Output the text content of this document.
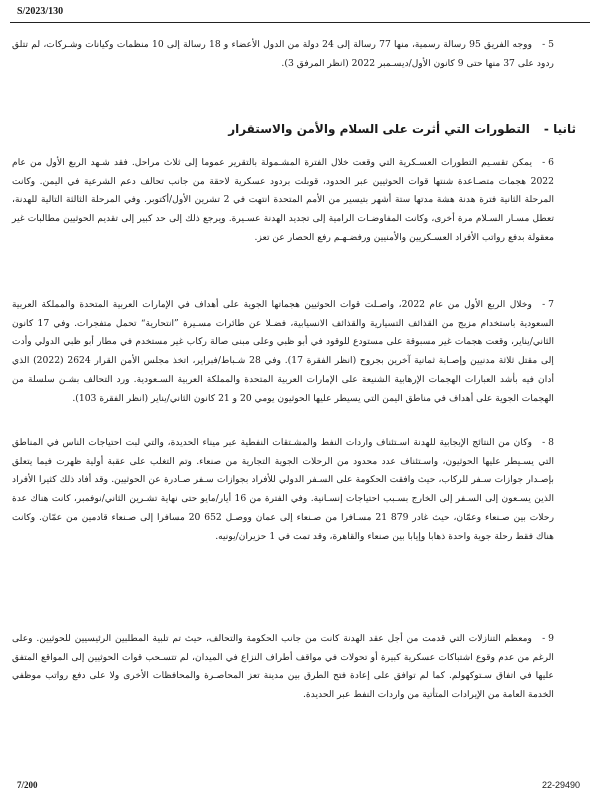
S/2023/130

5 -ووجه الفريق 95 رسالة رسمية، منها 77 رسالة إلى 24 دولة من الدول الأعضاء و 18 رسالة إلى 10 منظمات وكيانات وشـركات، لم تتلق ردود على 37 منها حتى 9 كانون الأول/ديسـمبر 2022 (انظر المرفق 3).

ثانيا -التطورات التي أثرت على السلام والأمن والاستقرار

6 -يمكن تقسـيم التطورات العسـكرية التي وقعت خلال الفترة المشـمولة بالتقرير عموما إلى ثلاث مراحل. فقد شـهد الربع الأول من عام 2022 هجمات متصـاعدة شنتها قوات الحوثيين عبر الحدود، قوبلت بردود عسكرية لاحقة من جانب تحالف دعم الشرعية في اليمن. وكانت المرحلة الثانية فترة هدنة هشة مدتها ستة أشهر بتيسير من الأمم المتحدة انتهت في 2 تشرين الأول/أكتوبر. وفي المرحلة الثالثة التالية للهدنة، تعطل مسـار السـلام مرة أخرى، وكانت المفاوضـات الرامية إلى تجديد الهدنة عسـيرة. ويرجع ذلك إلى حد كبير إلى تقديم الحوثيين مطالبات غير معقولة بدفع رواتب الأفراد العسـكريين والأمنيين ورفضـهـم رفع الحصار عن تعز.

7 -وخلال الربع الأول من عام 2022، واصـلت قوات الحوثيين هجماتها الجوية على أهداف في الإمارات العربية المتحدة والمملكة العربية السعودية باستخدام مزيج من القذائف التسيارية والقذائف الانسيابية، فضـلا عن طائرات مسـيرة ”انتحارية“ تحمل متفجرات. وفي 17 كانون الثاني/يناير، وقعت هجمات غير مسبوقة على مستودع للوقود في أبو ظبي وعلى مبنى صالة ركاب غير مستخدم في مطار أبو ظبي الدولي وأدت إلى مقتل ثلاثة مدنيين وإصـابة ثمانية آخرين بجروح (انظر الفقرة 17). وفي 28 شـباط/فبراير، اتخذ مجلس الأمن القرار 2624 (2022) الذي أدان فيه بأشد العبارات الهجمات الإرهابية الشنيعة على الإمارات العربية المتحدة والمملكة العربية السـعودية. ورد التحالف بشـن سلسلة من الهجمات الجوية على أهداف في مناطق اليمن التي يسيطر عليها الحوثيون يومي 20 و 21 كانون الثاني/يناير (انظر الفقرة 103).

8 -وكان من النتائج الإيجابية للهدنة اسـتئناف واردات النفط والمشـتقات النفطية عبر ميناء الحديدة، والتي لبت احتياجات الناس في المناطق التي يسـيطر عليها الحوثيون، واسـتئناف عدد محدود من الرحلات الجوية التجارية من صنعاء. وتم التغلب على عقبة أولية ظهرت فيما يتعلق بإصـدار جوازات سـفر للركاب، حيث وافقت الحكومة على السـفر الدولي للأفراد بجوازات سـفر صـادرة عن الحوثيين. وقد أفاد ذلك كثيرا الأفراد الذين يسـعون إلى السـفر إلى الخارج بسـبب احتياجات إنسـانية. وفي الفترة من 16 أيار/مايو حتى نهاية تشـرين الثاني/نوفمبر، كانت هناك عدة رحلات بين صـنعاء وعمّان، حيث غادر 879 21 مسـافرا من صـنعاء إلى عمان ووصـل 652 20 مسافرا إلى صـنعاء قادمين من عمّان. وكانت هناك فقط رحلة جوية واحدة ذهابا وإيابا بين صنعاء والقاهرة، وقد تمت في 1 حزيران/يونيه.

9 -ومعظم التنازلات التي قدمت من أجل عقد الهدنة كانت من جانب الحكومة والتحالف، حيث تم تلبية المطلبين الرئيسيين للحوثيين. وعلى الرغم من عدم وقوع اشتباكات عسكرية كبيرة أو تحولات في مواقف أطراف النزاع في الميدان، لم تتسـحب قوات الحوثيين إلى المواقع المتفق عليها في اتفاق سـتوكهولم. كما لم توافق على إعادة فتح الطرق بين مدينة تعز المحاصـرة والمحافظات الأخرى ولا على دفع رواتب موظفي الخدمة العامة من الإيرادات المتأتية من واردات النفط عبر الحديدة.

7/200	22-29490
